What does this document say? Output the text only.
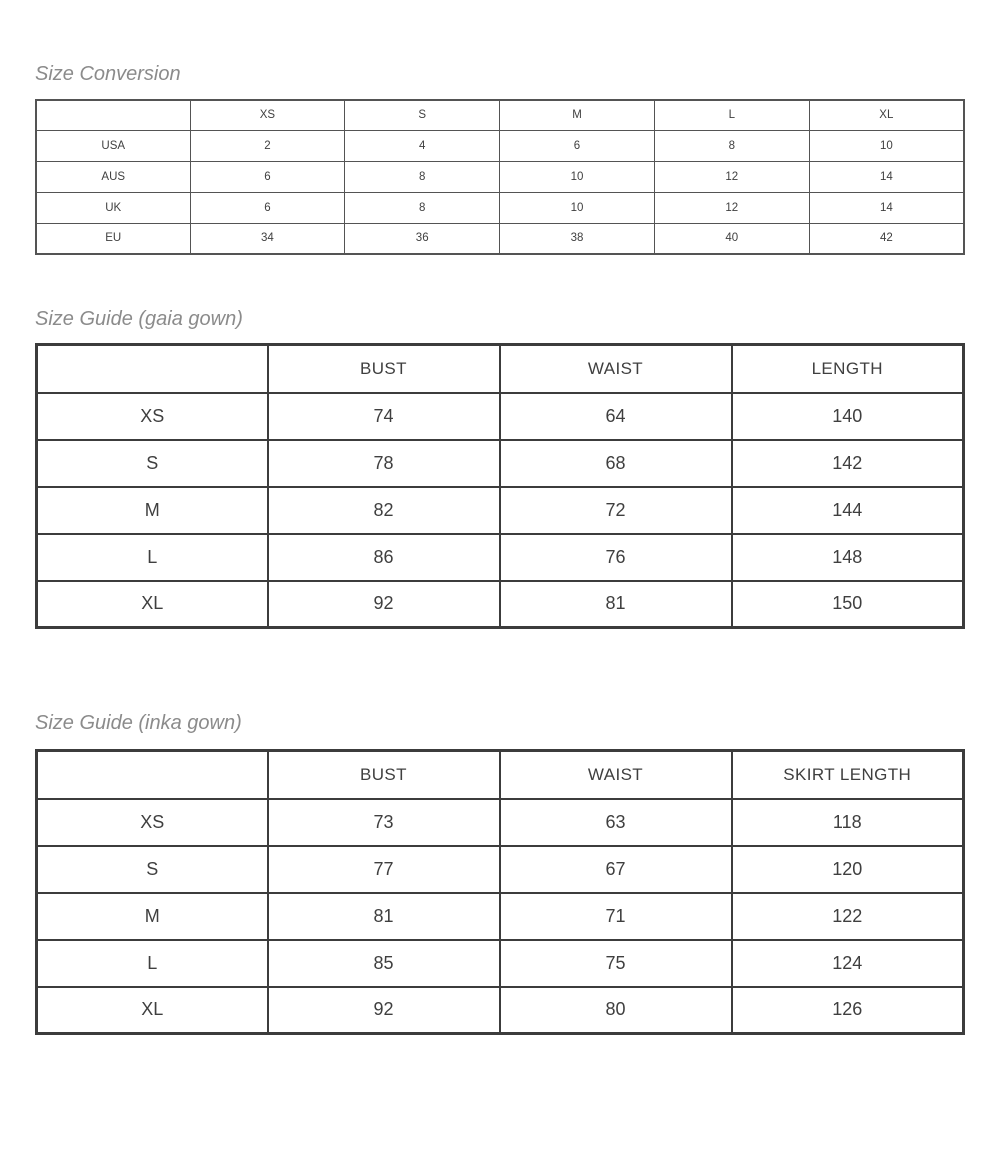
Size Conversion
	XS	S	M	L	XL
USA	2	4	6	8	10
AUS	6	8	10	12	14
UK	6	8	10	12	14
EU	34	36	38	40	42
Size Guide (gaia gown)
	BUST	WAIST	LENGTH
XS	74	64	140
S	78	68	142
M	82	72	144
L	86	76	148
XL	92	81	150
Size Guide (inka gown)
	BUST	WAIST	SKIRT LENGTH
XS	73	63	118
S	77	67	120
M	81	71	122
L	85	75	124
XL	92	80	126
